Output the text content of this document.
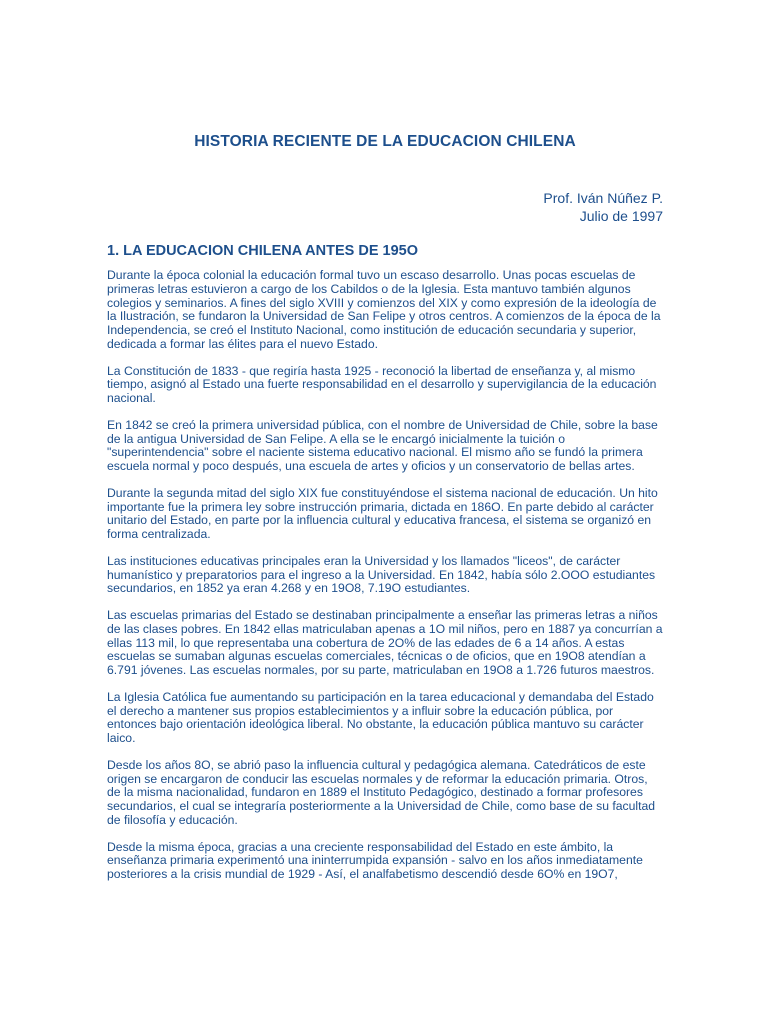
HISTORIA RECIENTE DE LA EDUCACION CHILENA
Prof. Iván Núñez P.
Julio de 1997
1. LA EDUCACION CHILENA ANTES DE 195O

Durante la época colonial la educación formal tuvo un escaso desarrollo. Unas pocas escuelas de primeras letras estuvieron a cargo de los Cabildos o de la Iglesia. Esta mantuvo también algunos colegios y seminarios. A fines del siglo XVIII y comienzos del XIX y como expresión de la ideología de la Ilustración, se fundaron la Universidad de San Felipe y otros centros. A comienzos de la época de la Independencia, se creó el Instituto Nacional, como institución de educación secundaria y superior, dedicada a formar las élites para el nuevo Estado.

La Constitución de 1833 - que regiría hasta 1925 - reconoció la libertad de enseñanza y, al mismo tiempo, asignó al Estado una fuerte responsabilidad en el desarrollo y supervigilancia de la educación nacional.

En 1842 se creó la primera universidad pública, con el nombre de Universidad de Chile, sobre la base de la antigua Universidad de San Felipe. A ella se le encargó inicialmente la tuición o "superintendencia" sobre el naciente sistema educativo nacional. El mismo año se fundó la primera escuela normal y poco después, una escuela de artes y oficios y un conservatorio de bellas artes.

Durante la segunda mitad del siglo XIX fue constituyéndose el sistema nacional de educación. Un hito importante fue la primera ley sobre instrucción primaria, dictada en 186O. En parte debido al carácter unitario del Estado, en parte por la influencia cultural y educativa francesa, el sistema se organizó en forma centralizada.

Las instituciones educativas principales eran la Universidad y los llamados "liceos", de carácter humanístico y preparatorios para el ingreso a la Universidad. En 1842, había sólo 2.OOO estudiantes secundarios, en 1852 ya eran 4.268 y en 19O8, 7.19O estudiantes.

Las escuelas primarias del Estado se destinaban principalmente a enseñar las primeras letras a niños de las clases pobres. En 1842 ellas matriculaban apenas a 1O mil niños, pero en 1887 ya concurrían a ellas 113 mil, lo que representaba una cobertura de 2O% de las edades de 6 a 14 años. A estas escuelas se sumaban algunas escuelas comerciales, técnicas o de oficios, que en 19O8 atendían a 6.791 jóvenes. Las escuelas normales, por su parte, matriculaban en 19O8 a 1.726 futuros maestros.

La Iglesia Católica fue aumentando su participación en la tarea educacional y demandaba del Estado el derecho a mantener sus propios establecimientos y a influir sobre la educación pública, por entonces bajo orientación ideológica liberal. No obstante, la educación pública mantuvo su carácter laico.

Desde los años 8O, se abrió paso la influencia cultural y pedagógica alemana. Catedráticos de este origen se encargaron de conducir las escuelas normales y de reformar la educación primaria. Otros, de la misma nacionalidad, fundaron en 1889 el Instituto Pedagógico, destinado a formar profesores secundarios, el cual se integraría posteriormente a la Universidad de Chile, como base de su facultad de filosofía y educación.

Desde la misma época, gracias a una creciente responsabilidad del Estado en este ámbito, la enseñanza primaria experimentó una ininterrumpida expansión - salvo en los años inmediatamente posteriores a la crisis mundial de 1929 - Así, el analfabetismo descendió desde 6O% en 19O7,
